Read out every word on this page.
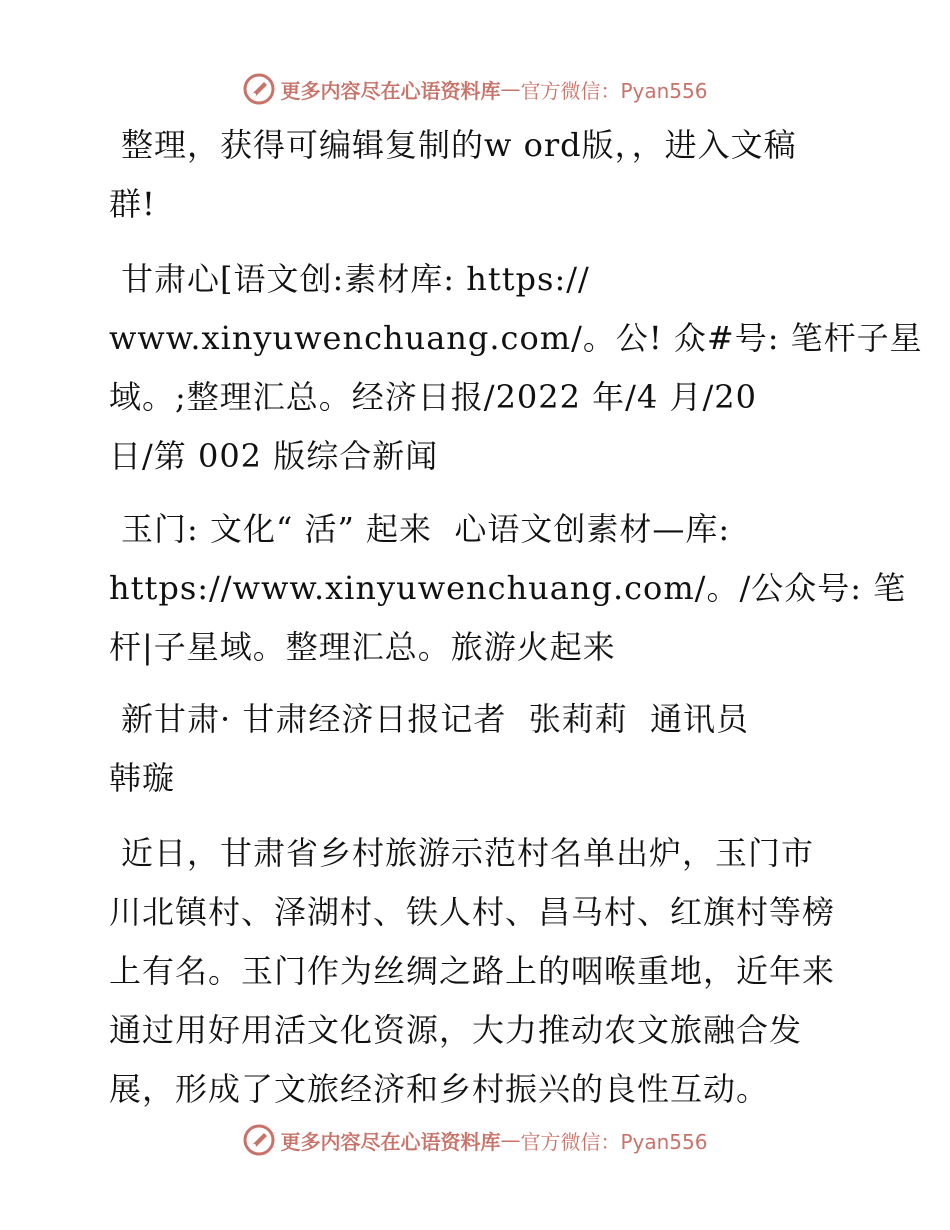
更多内容尽在心语资料库 — 官方微信：Pyan556
整理，获得可编辑复制的w ord版，，进入文稿
群!
甘肃心[语文创:素材库: https://
www.xinyuwenchuang.com/。公! 众#号: 笔杆子星
域。;整理汇总。经济日报/2022 年/4 月/20
日/第 002 版综合新闻
玉门: 文化“ 活” 起来  心语文创素材—库:
https://www.xinyuwenchuang.com/。/公众号: 笔
杆|子星域。整理汇总。旅游火起来
新甘肃· 甘肃经济日报记者  张莉莉  通讯员
韩璇
近日，甘肃省乡村旅游示范村名单出炉，玉门市
川北镇村、泽湖村、铁人村、昌马村、红旗村等榜
上有名。玉门作为丝绸之路上的咽喉重地，近年来
通过用好用活文化资源，大力推动农文旅融合发
展，形成了文旅经济和乡村振兴的良性互动。
更多内容尽在心语资料库 — 官方微信：Pyan556
